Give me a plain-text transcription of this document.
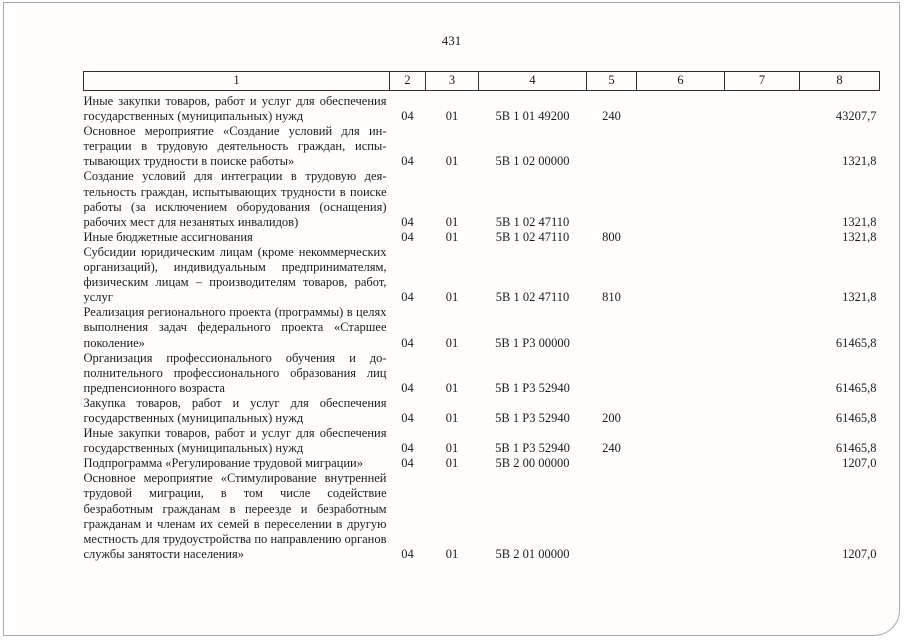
431
1	2	3	4	5	6	7	8
Иные закупки товаров, работ и услуг для обеспечения государственных (муниципальных) нужд	04	01	5В 1 01 49200	240			43207,7
Основное мероприятие «Создание условий для интеграции в трудовую деятельность граждан, испытывающих трудности в поиске работы»	04	01	5В 1 02 00000				1321,8
Создание условий для интеграции в трудовую деятельность граждан, испытывающих трудности в поиске работы (за исключением оборудования (оснащения) рабочих мест для незанятых инвалидов)	04	01	5В 1 02 47110				1321,8
Иные бюджетные ассигнования	04	01	5В 1 02 47110	800			1321,8
Субсидии юридическим лицам (кроме некоммерческих организаций), индивидуальным предпринимателям, физическим лицам – производителям товаров, работ, услуг	04	01	5В 1 02 47110	810			1321,8
Реализация регионального проекта (программы) в целях выполнения задач федерального проекта «Старшее поколение»	04	01	5В 1 Р3 00000				61465,8
Организация профессионального обучения и дополнительного профессионального образования лиц предпенсионного возраста	04	01	5В 1 Р3 52940				61465,8
Закупка товаров, работ и услуг для обеспечения государственных (муниципальных) нужд	04	01	5В 1 Р3 52940	200			61465,8
Иные закупки товаров, работ и услуг для обеспечения государственных (муниципальных) нужд	04	01	5В 1 Р3 52940	240			61465,8
Подпрограмма «Регулирование трудовой миграции»	04	01	5В 2 00 00000				1207,0
Основное мероприятие «Стимулирование внутренней трудовой миграции, в том числе содействие безработным гражданам в переезде и безработным гражданам и членам их семей в переселении в другую местность для трудоустройства по направлению органов службы занятости населения»	04	01	5В 2 01 00000				1207,0
